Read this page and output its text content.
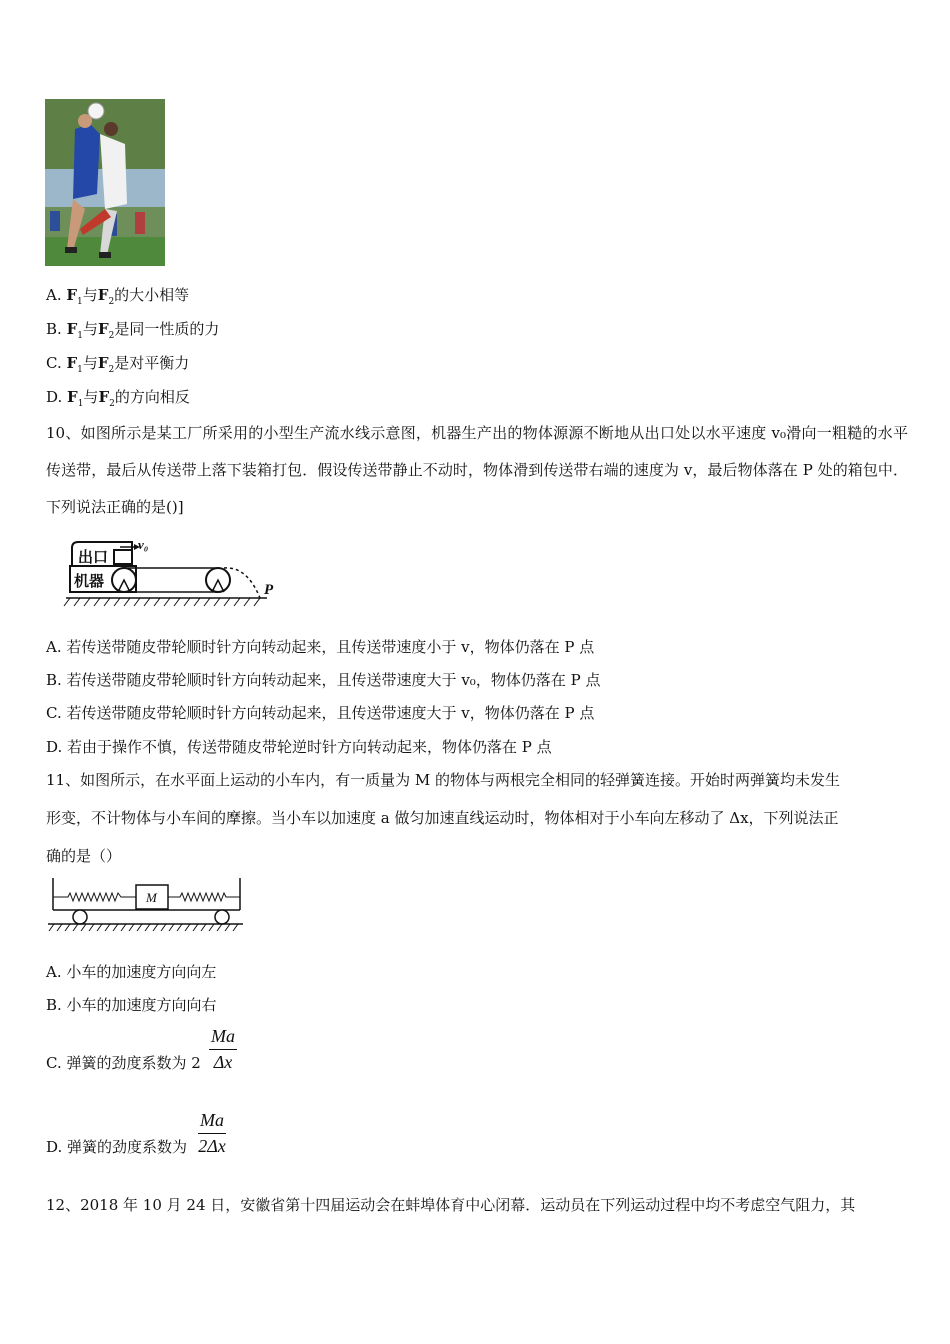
A. $F_1$与$F_2$的大小相等
B. $F_1$与$F_2$是同一性质的力
C. $F_1$与$F_2$是对平衡力
D. $F_1$与$F_2$的方向相反
10、如图所示是某工厂所采用的小型生产流水线示意图，机器生产出的物体源源不断地从出口处以水平速度 v₀滑向一粗糙的水平传送带，最后从传送带上落下装箱打包．假设传送带静止不动时，物体滑到传送带右端的速度为 v，最后物体落在 P 处的箱包中．下列说法正确的是()]
出口
机器
v₀
P
A. 若传送带随皮带轮顺时针方向转动起来，且传送带速度小于 v，物体仍落在 P 点
B. 若传送带随皮带轮顺时针方向转动起来，且传送带速度大于 v₀，物体仍落在 P 点
C. 若传送带随皮带轮顺时针方向转动起来，且传送带速度大于 v，物体仍落在 P 点
D. 若由于操作不慎，传送带随皮带轮逆时针方向转动起来，物体仍落在 P 点
11、如图所示，在水平面上运动的小车内，有一质量为 M 的物体与两根完全相同的轻弹簧连接。开始时两弹簧均未发生
形变，不计物体与小车间的摩擦。当小车以加速度 a 做匀加速直线运动时，物体相对于小车向左移动了 Δx，下列说法正
确的是（）
M
A. 小车的加速度方向向左
B. 小车的加速度方向向右
C. 弹簧的劲度系数为 $2 \frac{Ma}{\Delta x}$
D. 弹簧的劲度系数为 $\frac{Ma}{2\Delta x}$
12、2018 年 10 月 24 日，安徽省第十四届运动会在蚌埠体育中心闭幕．运动员在下列运动过程中均不考虑空气阻力，其
